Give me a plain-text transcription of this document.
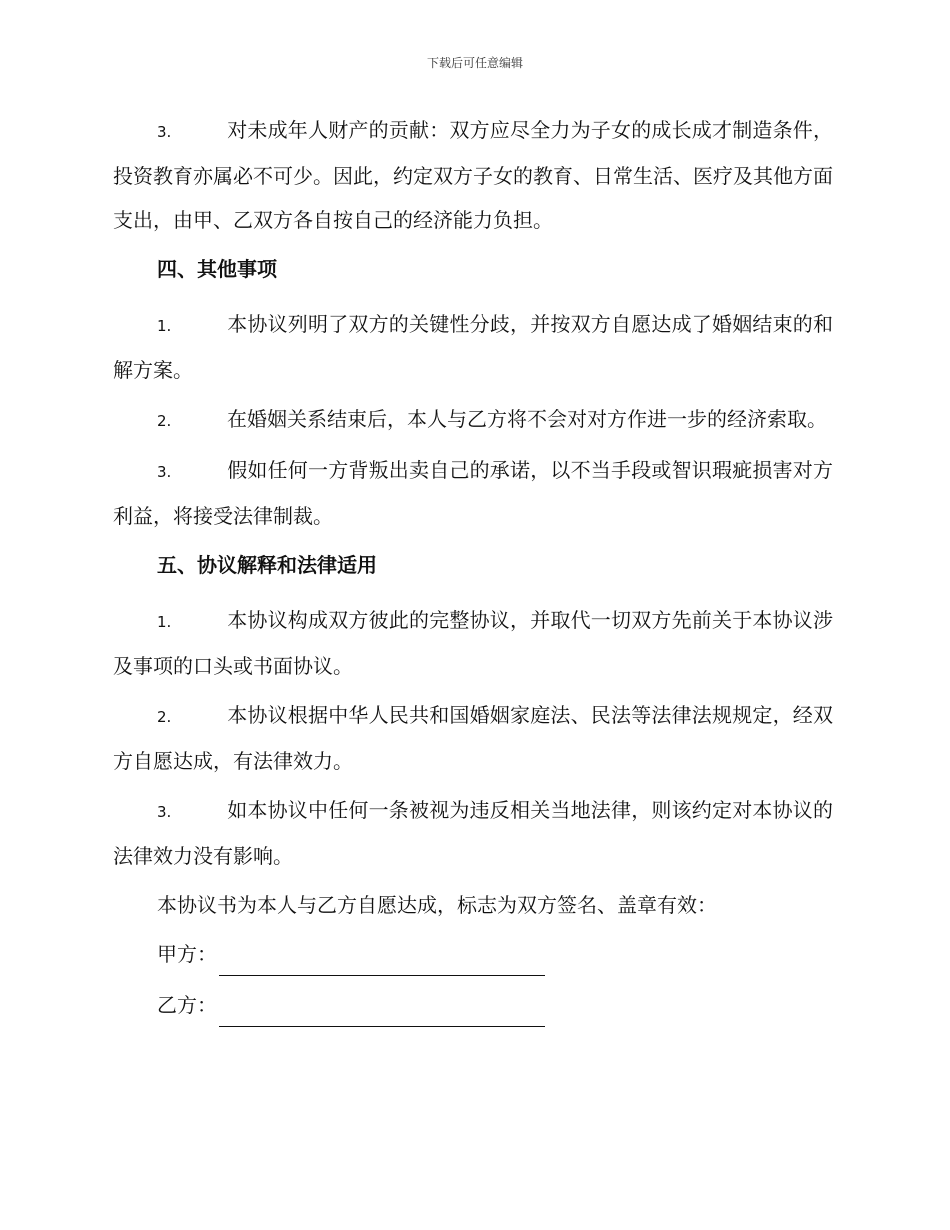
下载后可任意编辑
3.	对未成年人财产的贡献：双方应尽全力为子女的成长成才制造条件，投资教育亦属必不可少。因此，约定双方子女的教育、日常生活、医疗及其他方面支出，由甲、乙双方各自按自己的经济能力负担。
四、其他事项
1.	本协议列明了双方的关键性分歧，并按双方自愿达成了婚姻结束的和解方案。
2.	在婚姻关系结束后，本人与乙方将不会对对方作进一步的经济索取。
3.	假如任何一方背叛出卖自己的承诺，以不当手段或智识瑕疵损害对方利益，将接受法律制裁。
五、协议解释和法律适用
1.	本协议构成双方彼此的完整协议，并取代一切双方先前关于本协议涉及事项的口头或书面协议。
2.	本协议根据中华人民共和国婚姻家庭法、民法等法律法规规定，经双方自愿达成，有法律效力。
3.	如本协议中任何一条被视为违反相关当地法律，则该约定对本协议的法律效力没有影响。
本协议书为本人与乙方自愿达成，标志为双方签名、盖章有效：
甲方：
乙方：
